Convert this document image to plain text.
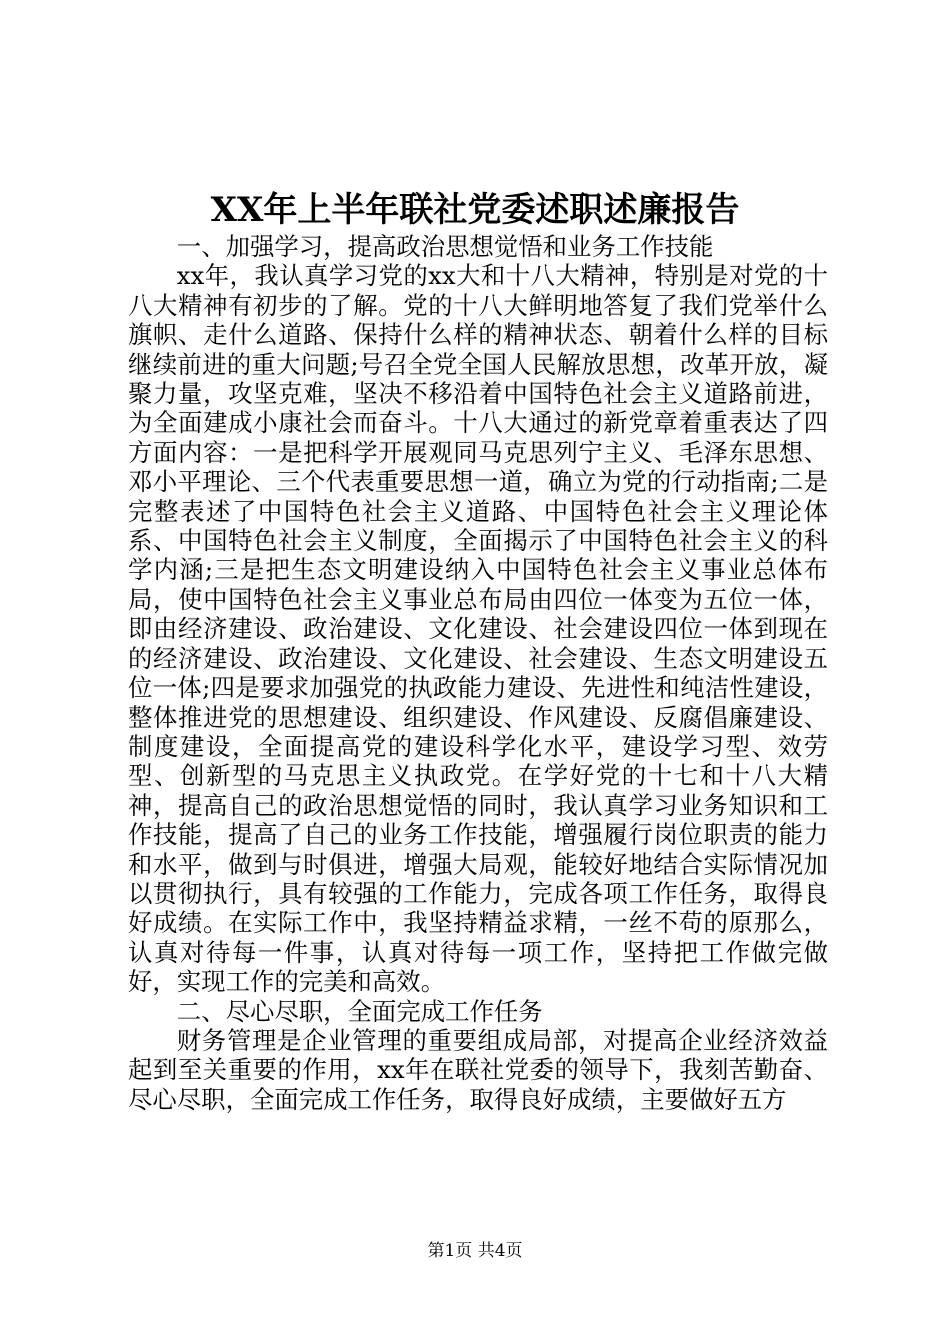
XX年上半年联社党委述职述廉报告

一、加强学习，提高政治思想觉悟和业务工作技能

xx年，我认真学习党的xx大和十八大精神，特别是对党的十八大精神有初步的了解。党的十八大鲜明地答复了我们党举什么旗帜、走什么道路、保持什么样的精神状态、朝着什么样的目标继续前进的重大问题;号召全党全国人民解放思想，改革开放，凝聚力量，攻坚克难，坚决不移沿着中国特色社会主义道路前进，为全面建成小康社会而奋斗。十八大通过的新党章着重表达了四方面内容：一是把科学开展观同马克思列宁主义、毛泽东思想、邓小平理论、三个代表重要思想一道，确立为党的行动指南;二是完整表述了中国特色社会主义道路、中国特色社会主义理论体系、中国特色社会主义制度，全面揭示了中国特色社会主义的科学内涵;三是把生态文明建设纳入中国特色社会主义事业总体布局，使中国特色社会主义事业总布局由四位一体变为五位一体，即由经济建设、政治建设、文化建设、社会建设四位一体到现在的经济建设、政治建设、文化建设、社会建设、生态文明建设五位一体;四是要求加强党的执政能力建设、先进性和纯洁性建设，整体推进党的思想建设、组织建设、作风建设、反腐倡廉建设、制度建设，全面提高党的建设科学化水平，建设学习型、效劳型、创新型的马克思主义执政党。在学好党的十七和十八大精神，提高自己的政治思想觉悟的同时，我认真学习业务知识和工作技能，提高了自己的业务工作技能，增强履行岗位职责的能力和水平，做到与时俱进，增强大局观，能较好地结合实际情况加以贯彻执行，具有较强的工作能力，完成各项工作任务，取得良好成绩。在实际工作中，我坚持精益求精，一丝不苟的原那么，认真对待每一件事，认真对待每一项工作，坚持把工作做完做好，实现工作的完美和高效。

二、尽心尽职，全面完成工作任务

财务管理是企业管理的重要组成局部，对提高企业经济效益起到至关重要的作用，xx年在联社党委的领导下，我刻苦勤奋、尽心尽职，全面完成工作任务，取得良好成绩，主要做好五方

第1页 共4页
